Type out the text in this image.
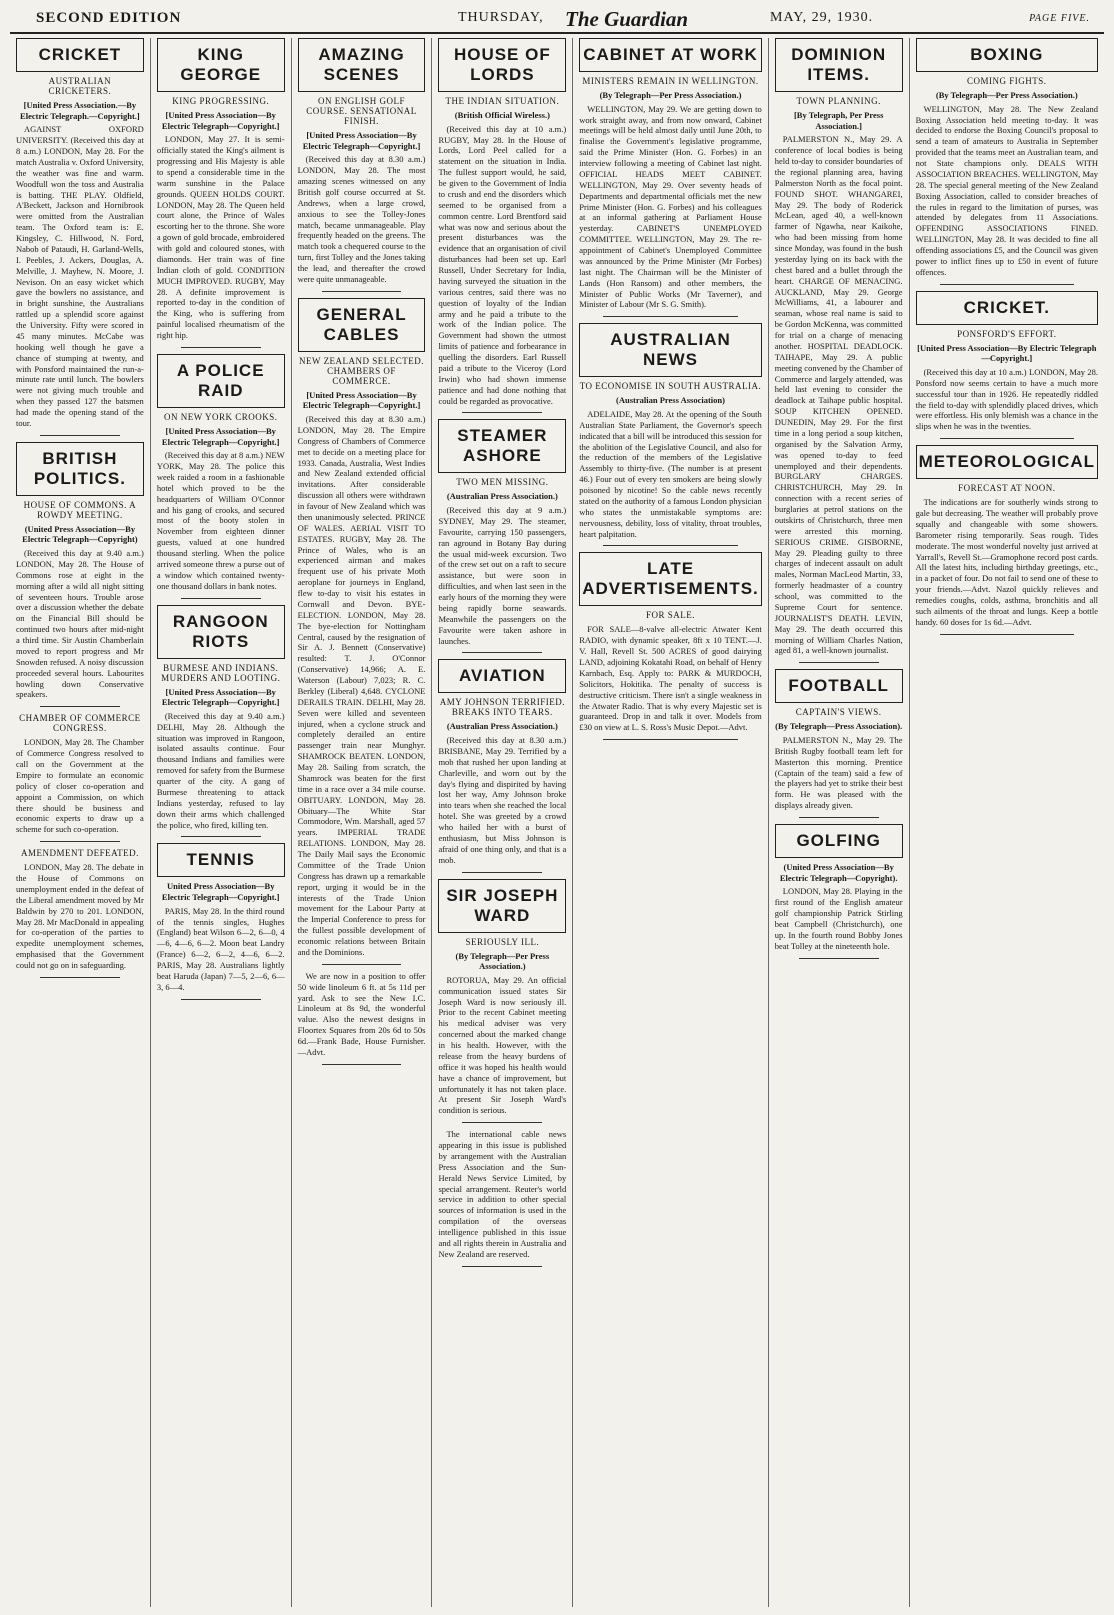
SECOND EDITION	THURSDAY, The Guardian	MAY, 29, 1930.	PAGE FIVE.
CRICKET
AUSTRALIAN CRICKETERS.
[United Press Association.—By Electric Telegraph.—Copyright.]
AGAINST OXFORD UNIVERSITY. (Received this day at 8 a.m.) LONDON, May 28. For the match Australia v. Oxford University, the weather was fine and warm. Woodfull won the toss and Australia is batting. THE PLAY. Oldfield, A'Beckett, Jackson and Hornibrook were omitted from the Australian team. The Oxford team is: E. Kingsley, C. Hillwood, N. Ford, Nabob of Pataudi, H. Garland-Wells, I. Peebles, J. Ackers, Douglas, A. Melville, J. Mayhew, N. Moore, J. Nevison. On an easy wicket which gave the bowlers no assistance, and in bright sunshine, the Australians rattled up a splendid score against the University. Fifty were scored in 45 many minutes. McCabe was hooking well though he gave a chance of stumping at twenty, and with Ponsford maintained the run-a-minute rate until lunch. The bowlers were not giving much trouble and when they passed 127 the batsmen had made the opening stand of the tour.
BRITISH POLITICS.
HOUSE OF COMMONS. A ROWDY MEETING.
(United Press Association—By Electric Telegraph—Copyright)
(Received this day at 9.40 a.m.) LONDON, May 28. The House of Commons rose at eight in the morning after a wild all night sitting of seventeen hours. Trouble arose over a discussion whether the debate on the Financial Bill should be continued two hours after mid-night a third time. Sir Austin Chamberlain moved to report progress and Mr Snowden refused. A noisy discussion proceeded several hours. Labourites howling down Conservative speakers.
CHAMBER OF COMMERCE CONGRESS.
LONDON, May 28. The Chamber of Commerce Congress resolved to call on the Government at the Empire to formulate an economic policy of closer co-operation and appoint a Commission, on which there should be business and economic experts to draw up a scheme for such co-operation.
AMENDMENT DEFEATED.
LONDON, May 28. The debate in the House of Commons on unemployment ended in the defeat of the Liberal amendment moved by Mr Baldwin by 270 to 201. LONDON, May 28. Mr MacDonald in appealing for co-operation of the parties to expedite unemployment schemes, emphasised that the Government could not go on in safeguarding.
KING GEORGE
KING PROGRESSING.
[United Press Association—By Electric Telegraph—Copyright.]
LONDON, May 27. It is semi-officially stated the King's ailment is progressing and His Majesty is able to spend a considerable time in the warm sunshine in the Palace grounds. QUEEN HOLDS COURT. LONDON, May 28. The Queen held court alone, the Prince of Wales escorting her to the throne. She wore a gown of gold brocade, embroidered with gold and coloured stones, with diamonds. Her train was of fine Indian cloth of gold. CONDITION MUCH IMPROVED. RUGBY, May 28. A definite improvement is reported to-day in the condition of the King, who is suffering from painful localised rheumatism of the right hip.
A POLICE RAID
ON NEW YORK CROOKS.
[United Press Association—By Electric Telegraph—Copyright.]
(Received this day at 8 a.m.) NEW YORK, May 28. The police this week raided a room in a fashionable hotel which proved to be the headquarters of William O'Connor and his gang of crooks, and secured most of the booty stolen in November from eighteen dinner guests, valued at one hundred thousand sterling. When the police arrived someone threw a purse out of a window which contained twenty-one thousand dollars in bank notes.
RANGOON RIOTS
BURMESE AND INDIANS. MURDERS AND LOOTING.
[United Press Association—By Electric Telegraph—Copyright.]
(Received this day at 9.40 a.m.) DELHI, May 28. Although the situation was improved in Rangoon, isolated assaults continue. Four thousand Indians and families were removed for safety from the Burmese quarter of the city. A gang of Burmese threatening to attack Indians yesterday, refused to lay down their arms which challenged the police, who fired, killing ten.
TENNIS
United Press Association—By Electric Telegraph—Copyright.]
PARIS, May 28. In the third round of the tennis singles, Hughes (England) beat Wilson 6—2, 6—0, 4—6, 4—6, 6—2. Moon beat Landry (France) 6—2, 6—2, 4—6, 6—2. PARIS, May 28. Australians lightly beat Haruda (Japan) 7—5, 2—6, 6—3, 6—4.
AMAZING SCENES
ON ENGLISH GOLF COURSE. SENSATIONAL FINISH.
[United Press Association—By Electric Telegraph—Copyright.]
(Received this day at 8.30 a.m.) LONDON, May 28. The most amazing scenes witnessed on any British golf course occurred at St. Andrews, when a large crowd, anxious to see the Tolley-Jones match, became unmanageable. Play frequently headed on the greens. The match took a chequered course to the turn, first Tolley and the Jones taking the lead, and thereafter the crowd were quite unmanageable.
GENERAL CABLES
NEW ZEALAND SELECTED. CHAMBERS OF COMMERCE.
[United Press Association—By Electric Telegraph—Copyright.]
(Received this day at 8.30 a.m.) LONDON, May 28. The Empire Congress of Chambers of Commerce met to decide on a meeting place for 1933. Canada, Australia, West Indies and New Zealand extended official invitations. After considerable discussion all others were withdrawn in favour of New Zealand which was then unanimously selected. PRINCE OF WALES. AERIAL VISIT TO ESTATES. RUGBY, May 28. The Prince of Wales, who is an experienced airman and makes frequent use of his private Moth aeroplane for journeys in England, flew to-day to visit his estates in Cornwall and Devon. BYE-ELECTION. LONDON, May 28. The bye-election for Nottingham Central, caused by the resignation of Sir A. J. Bennett (Conservative) resulted: T. J. O'Connor (Conservative) 14,966; A. E. Waterson (Labour) 7,023; R. C. Berkley (Liberal) 4,648. CYCLONE DERAILS TRAIN. DELHI, May 28. Seven were killed and seventeen injured, when a cyclone struck and completely derailed an entire passenger train near Munghyr. SHAMROCK BEATEN. LONDON, May 28. Sailing from scratch, the Shamrock was beaten for the first time in a race over a 34 mile course. OBITUARY. LONDON, May 28. Obituary—The White Star Commodore, Wm. Marshall, aged 57 years. IMPERIAL TRADE RELATIONS. LONDON, May 28. The Daily Mail says the Economic Committee of the Trade Union Congress has drawn up a remarkable report, urging it would be in the interests of the Trade Union movement for the Labour Party at the Imperial Conference to press for the fullest possible development of economic relations between Britain and the Dominions.
We are now in a position to offer 50 wide linoleum 6 ft. at 5s 11d per yard. Ask to see the New I.C. Linoleum at 8s 9d, the wonderful value. Also the newest designs in Floortex Squares from 20s 6d to 50s 6d.—Frank Bade, House Furnisher.—Advt.
HOUSE OF LORDS
THE INDIAN SITUATION.
(British Official Wireless.)
(Received this day at 10 a.m.) RUGBY, May 28. In the House of Lords, Lord Peel called for a statement on the situation in India. The fullest support would, he said, be given to the Government of India to crush and end the disorders which seemed to be organised from a common centre. Lord Brentford said what was now and serious about the present disturbances was the evidence that an organisation of civil disturbances had been set up. Earl Russell, Under Secretary for India, having surveyed the situation in the various centres, said there was no question of loyalty of the Indian army and he paid a tribute to the work of the Indian police. The Government had shown the utmost limits of patience and forbearance in quelling the disorders. Earl Russell paid a tribute to the Viceroy (Lord Irwin) who had shown immense patience and had done nothing that could be regarded as provocative.
STEAMER ASHORE
TWO MEN MISSING.
(Australian Press Association.)
(Received this day at 9 a.m.) SYDNEY, May 29. The steamer, Favourite, carrying 150 passengers, ran aground in Botany Bay during the usual mid-week excursion. Two of the crew set out on a raft to secure assistance, but were soon in difficulties, and when last seen in the early hours of the morning they were being rapidly borne seawards. Meanwhile the passengers on the Favourite were taken ashore in launches.
AVIATION
AMY JOHNSON TERRIFIED. BREAKS INTO TEARS.
(Australian Press Association.)
(Received this day at 8.30 a.m.) BRISBANE, May 29. Terrified by a mob that rushed her upon landing at Charleville, and worn out by the day's flying and dispirited by having lost her way, Amy Johnson broke into tears when she reached the local hotel. She was greeted by a crowd who hailed her with a burst of enthusiasm, but Miss Johnson is afraid of one thing only, and that is a mob.
SIR JOSEPH WARD
SERIOUSLY ILL.
(By Telegraph—Per Press Association.)
ROTORUA, May 29. An official communication issued states Sir Joseph Ward is now seriously ill. Prior to the recent Cabinet meeting his medical adviser was very concerned about the marked change in his health. However, with the release from the heavy burdens of office it was hoped his health would have a chance of improvement, but unfortunately it has not taken place. At present Sir Joseph Ward's condition is serious.
The international cable news appearing in this issue is published by arrangement with the Australian Press Association and the Sun-Herald News Service Limited, by special arrangement. Reuter's world service in addition to other special sources of information is used in the compilation of the overseas intelligence published in this issue and all rights therein in Australia and New Zealand are reserved.
CABINET AT WORK
MINISTERS REMAIN IN WELLINGTON.
(By Telegraph—Per Press Association.)
WELLINGTON, May 29. We are getting down to work straight away, and from now onward, Cabinet meetings will be held almost daily until June 20th, to finalise the Government's legislative programme, said the Prime Minister (Hon. G. Forbes) in an interview following a meeting of Cabinet last night. OFFICIAL HEADS MEET CABINET. WELLINGTON, May 29. Over seventy heads of Departments and departmental officials met the new Prime Minister (Hon. G. Forbes) and his colleagues at an informal gathering at Parliament House yesterday. CABINET'S UNEMPLOYED COMMITTEE. WELLINGTON, May 29. The re-appointment of Cabinet's Unemployed Committee was announced by the Prime Minister (Mr Forbes) last night. The Chairman will be the Minister of Lands (Hon Ransom) and other members, the Minister of Public Works (Mr Taverner), and Minister of Labour (Mr S. G. Smith).
AUSTRALIAN NEWS
TO ECONOMISE IN SOUTH AUSTRALIA.
(Australian Press Association)
ADELAIDE, May 28. At the opening of the South Australian State Parliament, the Governor's speech indicated that a bill will be introduced this session for the abolition of the Legislative Council, and also for the reduction of the members of the Legislative Assembly to thirty-five. (The number is at present 46.) Four out of every ten smokers are being slowly poisoned by nicotine! So the cable news recently stated on the authority of a famous London physician who states the unmistakable symptoms are: nervousness, debility, loss of vitality, throat troubles, heart palpitation.
LATE ADVERTISEMENTS.
FOR SALE.
FOR SALE—8-valve all-electric Atwater Kent RADIO, with dynamic speaker, 8ft x 10 TENT.—J. V. Hall, Revell St. 500 ACRES of good dairying LAND, adjoining Kokatahi Road, on behalf of Henry Karnbach, Esq. Apply to: PARK & MURDOCH, Solicitors, Hokitika. The penalty of success is destructive criticism. There isn't a single weakness in the Atwater Radio. That is why every Majestic set is guaranteed. Drop in and talk it over. Models from £30 on view at L. S. Ross's Music Depot.—Advt.
DOMINION ITEMS.
TOWN PLANNING.
[By Telegraph, Per Press Association.]
PALMERSTON N., May 29. A conference of local bodies is being held to-day to consider boundaries of the regional planning area, having Palmerston North as the focal point. FOUND SHOT. WHANGAREI, May 29. The body of Roderick McLean, aged 40, a well-known farmer of Ngawha, near Kaikohe, who had been missing from home since Monday, was found in the bush yesterday lying on its back with the chest bared and a bullet through the heart. CHARGE OF MENACING. AUCKLAND, May 29. George McWilliams, 41, a labourer and seaman, whose real name is said to be Gordon McKenna, was committed for trial on a charge of menacing another. HOSPITAL DEADLOCK. TAIHAPE, May 29. A public meeting convened by the Chamber of Commerce and largely attended, was held last evening to consider the deadlock at Taihape public hospital. SOUP KITCHEN OPENED. DUNEDIN, May 29. For the first time in a long period a soup kitchen, organised by the Salvation Army, was opened to-day to feed unemployed and their dependents. BURGLARY CHARGES. CHRISTCHURCH, May 29. In connection with a recent series of burglaries at petrol stations on the outskirts of Christchurch, three men were arrested this morning. SERIOUS CRIME. GISBORNE, May 29. Pleading guilty to three charges of indecent assault on adult males, Norman MacLeod Martin, 33, formerly headmaster of a country school, was committed to the Supreme Court for sentence. JOURNALIST'S DEATH. LEVIN, May 29. The death occurred this morning of William Charles Nation, aged 81, a well-known journalist.
FOOTBALL
CAPTAIN'S VIEWS.
(By Telegraph—Press Association).
PALMERSTON N., May 29. The British Rugby football team left for Masterton this morning. Prentice (Captain of the team) said a few of the players had yet to strike their best form. He was pleased with the displays already given.
GOLFING
(United Press Association—By Electric Telegraph—Copyright).
LONDON, May 28. Playing in the first round of the English amateur golf championship Patrick Stirling beat Campbell (Christchurch), one up. In the fourth round Bobby Jones beat Tolley at the nineteenth hole.
BOXING
COMING FIGHTS.
(By Telegraph—Per Press Association.)
WELLINGTON, May 28. The New Zealand Boxing Association held meeting to-day. It was decided to endorse the Boxing Council's proposal to send a team of amateurs to Australia in September provided that the teams meet an Australian team, and not State champions only. DEALS WITH ASSOCIATION BREACHES. WELLINGTON, May 28. The special general meeting of the New Zealand Boxing Association, called to consider breaches of the rules in regard to the limitation of purses, was attended by delegates from 11 Associations. OFFENDING ASSOCIATIONS FINED. WELLINGTON, May 28. It was decided to fine all offending associations £5, and the Council was given power to inflict fines up to £50 in event of future offences.
CRICKET.
PONSFORD'S EFFORT.
[United Press Association—By Electric Telegraph—Copyright.]
(Received this day at 10 a.m.) LONDON, May 28. Ponsford now seems certain to have a much more successful tour than in 1926. He repeatedly riddled the field to-day with splendidly placed drives, which were effortless. His only blemish was a chance in the slips when he was in the twenties.
METEOROLOGICAL
FORECAST AT NOON.
The indications are for southerly winds strong to gale but decreasing. The weather will probably prove squally and changeable with some showers. Barometer rising temporarily. Seas rough. Tides moderate. The most wonderful novelty just arrived at Yarrall's, Revell St.—Gramophone record post cards. All the latest hits, including birthday greetings, etc., in a packet of four. Do not fail to send one of these to your friends.—Advt. Nazol quickly relieves and remedies coughs, colds, asthma, bronchitis and all such ailments of the throat and lungs. Keep a bottle handy. 60 doses for 1s 6d.—Advt.
